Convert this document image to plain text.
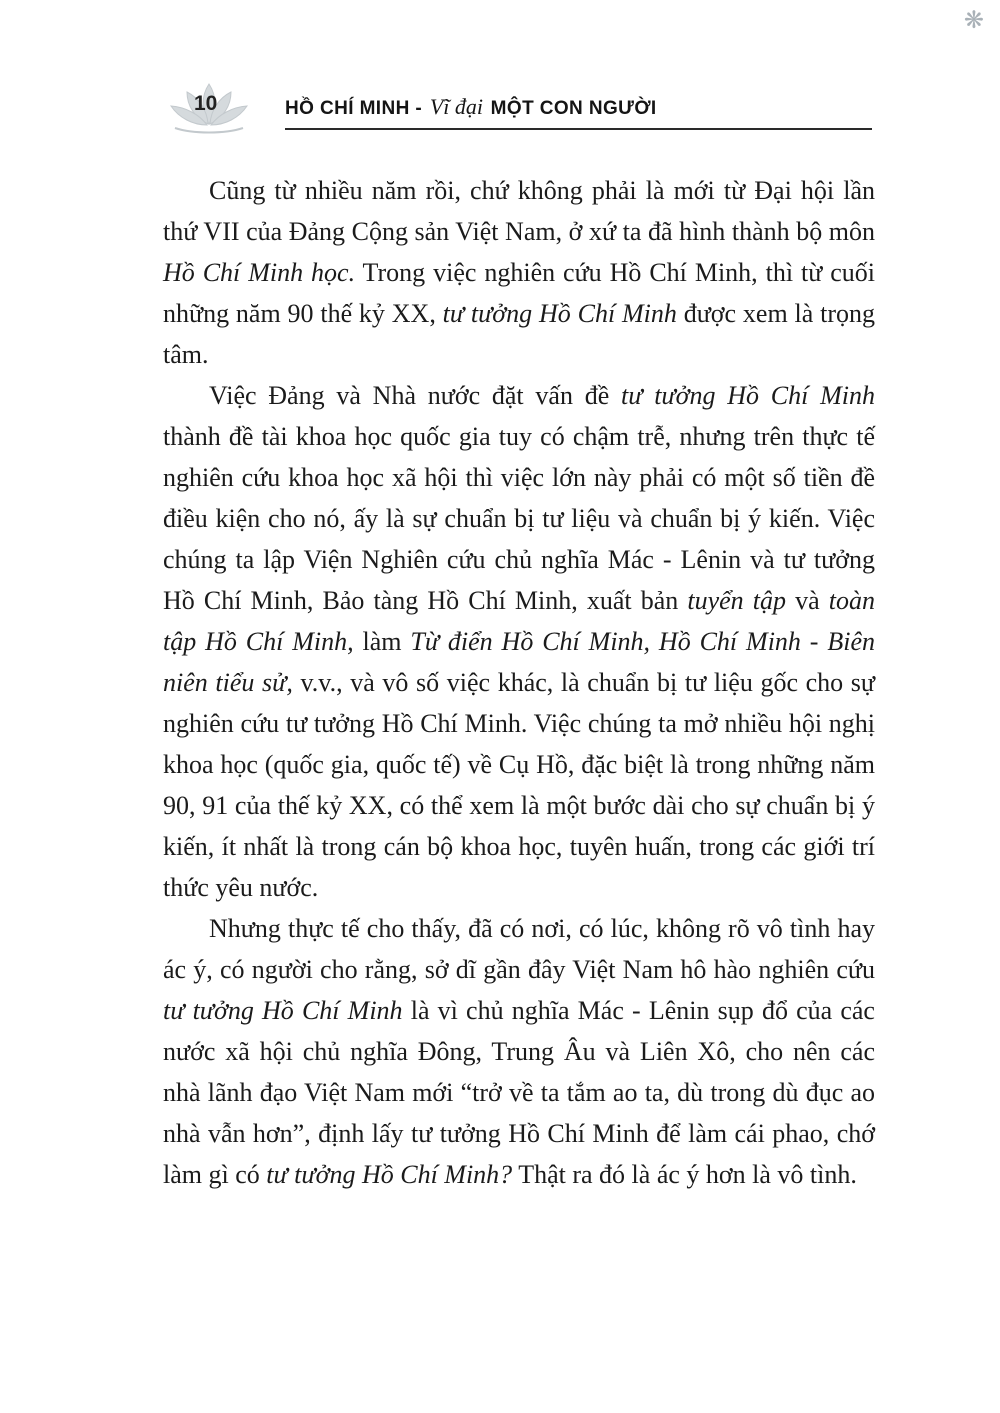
❋
10	HỒ CHÍ MINH - Vĩ đại MỘT CON NGƯỜI

Cũng từ nhiều năm rồi, chứ không phải là mới từ Đại hội lần thứ VII của Đảng Cộng sản Việt Nam, ở xứ ta đã hình thành bộ môn Hồ Chí Minh học. Trong việc nghiên cứu Hồ Chí Minh, thì từ cuối những năm 90 thế kỷ XX, tư tưởng Hồ Chí Minh được xem là trọng tâm.

Việc Đảng và Nhà nước đặt vấn đề tư tưởng Hồ Chí Minh thành đề tài khoa học quốc gia tuy có chậm trễ, nhưng trên thực tế nghiên cứu khoa học xã hội thì việc lớn này phải có một số tiền đề điều kiện cho nó, ấy là sự chuẩn bị tư liệu và chuẩn bị ý kiến. Việc chúng ta lập Viện Nghiên cứu chủ nghĩa Mác - Lênin và tư tưởng Hồ Chí Minh, Bảo tàng Hồ Chí Minh, xuất bản tuyển tập và toàn tập Hồ Chí Minh, làm Từ điển Hồ Chí Minh, Hồ Chí Minh - Biên niên tiểu sử, v.v., và vô số việc khác, là chuẩn bị tư liệu gốc cho sự nghiên cứu tư tưởng Hồ Chí Minh. Việc chúng ta mở nhiều hội nghị khoa học (quốc gia, quốc tế) về Cụ Hồ, đặc biệt là trong những năm 90, 91 của thế kỷ XX, có thể xem là một bước dài cho sự chuẩn bị ý kiến, ít nhất là trong cán bộ khoa học, tuyên huấn, trong các giới trí thức yêu nước.

Nhưng thực tế cho thấy, đã có nơi, có lúc, không rõ vô tình hay ác ý, có người cho rằng, sở dĩ gần đây Việt Nam hô hào nghiên cứu tư tưởng Hồ Chí Minh là vì chủ nghĩa Mác - Lênin sụp đổ của các nước xã hội chủ nghĩa Đông, Trung Âu và Liên Xô, cho nên các nhà lãnh đạo Việt Nam mới “trở về ta tắm ao ta, dù trong dù đục ao nhà vẫn hơn”, định lấy tư tưởng Hồ Chí Minh để làm cái phao, chớ làm gì có tư tưởng Hồ Chí Minh? Thật ra đó là ác ý hơn là vô tình.
